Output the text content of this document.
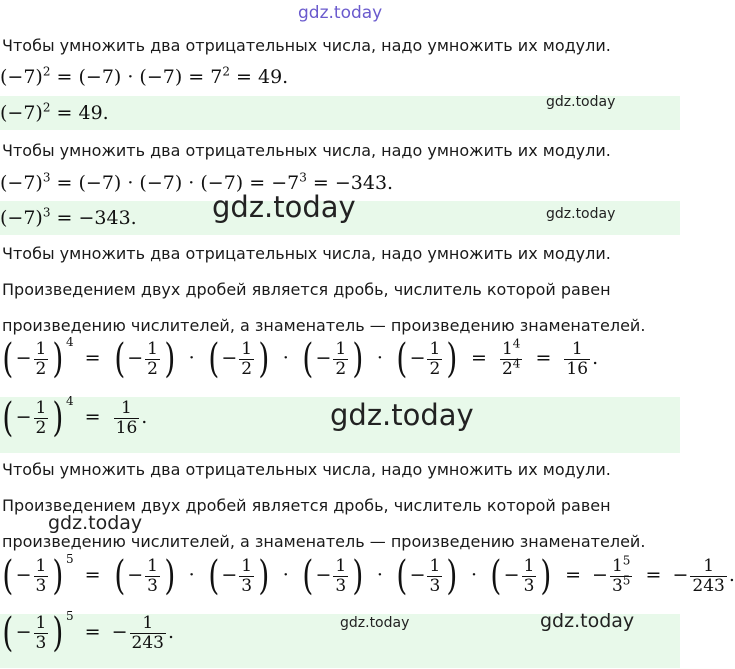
gdz.today
Чтобы умножить два отрицательных числа, надо умножить их модули.
$(-7)^2 = (-7) \cdot (-7) = 7^2 = 49$.
$(-7)^2 = 49$.	gdz.today
Чтобы умножить два отрицательных числа, надо умножить их модули.
$(-7)^3 = (-7) \cdot (-7) \cdot (-7) = -7^3 = -343$.
$(-7)^3 = -343$.	gdz.today	gdz.today
Чтобы умножить два отрицательных числа, надо умножить их модули.
Произведением двух дробей является дробь, числитель которой равен
произведению числителей, а знаменатель — произведению знаменателей.
( − $\frac{1}{2}$ ) $^4$ = ( − $\frac{1}{2}$ ) · ( − $\frac{1}{2}$ ) · ( − $\frac{1}{2}$ ) · ( − $\frac{1}{2}$ ) = $\frac{1^4}{2^4} = \frac{1}{16}$ .
( − $\frac{1}{2}$ ) $^4 = \frac{1}{16}$ .	gdz.today
Чтобы умножить два отрицательных числа, надо умножить их модули.
Произведением двух дробей является дробь, числитель которой равен
gdz.today
произведению числителей, а знаменатель — произведению знаменателей.
( − $\frac{1}{3}$ ) $^5$ = ( − $\frac{1}{3}$ ) · ( − $\frac{1}{3}$ ) · ( − $\frac{1}{3}$ ) · ( − $\frac{1}{3}$ ) · ( − $\frac{1}{3}$ ) = − $\frac{1^5}{3^5}$ = − $\frac{1}{243}$ .
( − $\frac{1}{3}$ ) $^5$ = − $\frac{1}{243}$ .	gdz.today	gdz.today
